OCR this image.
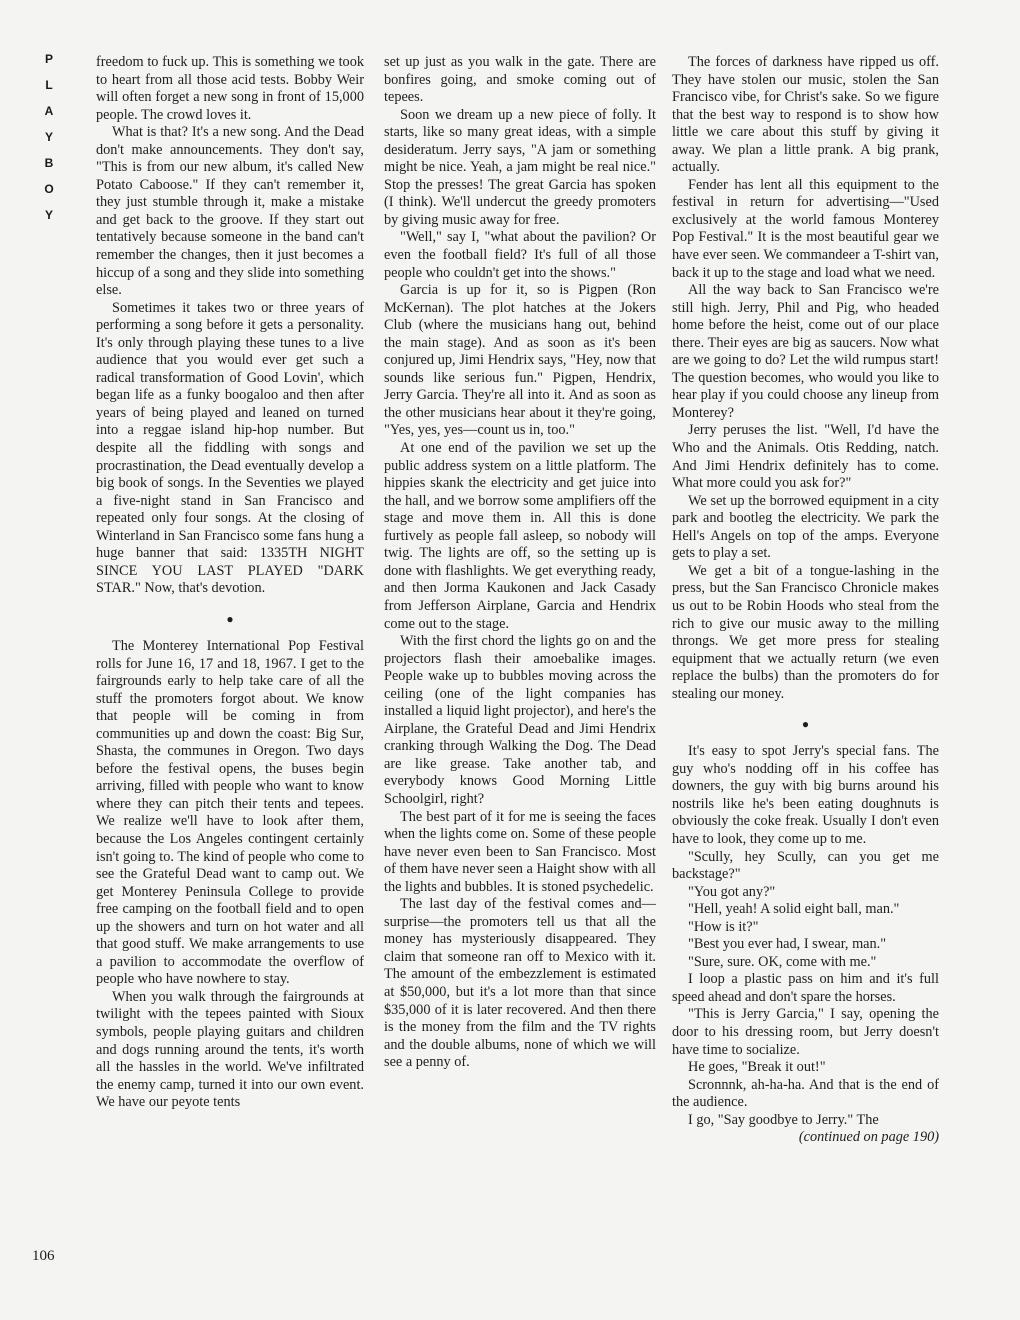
P
L
A
Y
B
O
Y
106

freedom to fuck up. This is something we took to heart from all those acid tests. Bobby Weir will often forget a new song in front of 15,000 people. The crowd loves it.

What is that? It's a new song. And the Dead don't make announcements. They don't say, "This is from our new album, it's called New Potato Caboose." If they can't remember it, they just stumble through it, make a mistake and get back to the groove. If they start out tentatively because someone in the band can't remember the changes, then it just becomes a hiccup of a song and they slide into something else.

Sometimes it takes two or three years of performing a song before it gets a personality. It's only through playing these tunes to a live audience that you would ever get such a radical transformation of Good Lovin', which began life as a funky boogaloo and then after years of being played and leaned on turned into a reggae island hip-hop number. But despite all the fiddling with songs and procrastination, the Dead eventually develop a big book of songs. In the Seventies we played a five-night stand in San Francisco and repeated only four songs. At the closing of Winterland in San Francisco some fans hung a huge banner that said: 1335TH NIGHT SINCE YOU LAST PLAYED "DARK STAR." Now, that's devotion.

●

The Monterey International Pop Festival rolls for June 16, 17 and 18, 1967. I get to the fairgrounds early to help take care of all the stuff the promoters forgot about. We know that people will be coming in from communities up and down the coast: Big Sur, Shasta, the communes in Oregon. Two days before the festival opens, the buses begin arriving, filled with people who want to know where they can pitch their tents and tepees. We realize we'll have to look after them, because the Los Angeles contingent certainly isn't going to. The kind of people who come to see the Grateful Dead want to camp out. We get Monterey Peninsula College to provide free camping on the football field and to open up the showers and turn on hot water and all that good stuff. We make arrangements to use a pavilion to accommodate the overflow of people who have nowhere to stay.

When you walk through the fairgrounds at twilight with the tepees painted with Sioux symbols, people playing guitars and children and dogs running around the tents, it's worth all the hassles in the world. We've infiltrated the enemy camp, turned it into our own event. We have our peyote tents

set up just as you walk in the gate. There are bonfires going, and smoke coming out of tepees.

Soon we dream up a new piece of folly. It starts, like so many great ideas, with a simple desideratum. Jerry says, "A jam or something might be nice. Yeah, a jam might be real nice." Stop the presses! The great Garcia has spoken (I think). We'll undercut the greedy promoters by giving music away for free.

"Well," say I, "what about the pavilion? Or even the football field? It's full of all those people who couldn't get into the shows."

Garcia is up for it, so is Pigpen (Ron McKernan). The plot hatches at the Jokers Club (where the musicians hang out, behind the main stage). And as soon as it's been conjured up, Jimi Hendrix says, "Hey, now that sounds like serious fun." Pigpen, Hendrix, Jerry Garcia. They're all into it. And as soon as the other musicians hear about it they're going, "Yes, yes, yes—count us in, too."

At one end of the pavilion we set up the public address system on a little platform. The hippies skank the electricity and get juice into the hall, and we borrow some amplifiers off the stage and move them in. All this is done furtively as people fall asleep, so nobody will twig. The lights are off, so the setting up is done with flashlights. We get everything ready, and then Jorma Kaukonen and Jack Casady from Jefferson Airplane, Garcia and Hendrix come out to the stage.

With the first chord the lights go on and the projectors flash their amoebalike images. People wake up to bubbles moving across the ceiling (one of the light companies has installed a liquid light projector), and here's the Airplane, the Grateful Dead and Jimi Hendrix cranking through Walking the Dog. The Dead are like grease. Take another tab, and everybody knows Good Morning Little Schoolgirl, right?

The best part of it for me is seeing the faces when the lights come on. Some of these people have never even been to San Francisco. Most of them have never seen a Haight show with all the lights and bubbles. It is stoned psychedelic.

The last day of the festival comes and—surprise—the promoters tell us that all the money has mysteriously disappeared. They claim that someone ran off to Mexico with it. The amount of the embezzlement is estimated at $50,000, but it's a lot more than that since $35,000 of it is later recovered. And then there is the money from the film and the TV rights and the double albums, none of which we will see a penny of.

The forces of darkness have ripped us off. They have stolen our music, stolen the San Francisco vibe, for Christ's sake. So we figure that the best way to respond is to show how little we care about this stuff by giving it away. We plan a little prank. A big prank, actually.

Fender has lent all this equipment to the festival in return for advertising—"Used exclusively at the world famous Monterey Pop Festival." It is the most beautiful gear we have ever seen. We commandeer a T-shirt van, back it up to the stage and load what we need.

All the way back to San Francisco we're still high. Jerry, Phil and Pig, who headed home before the heist, come out of our place there. Their eyes are big as saucers. Now what are we going to do? Let the wild rumpus start! The question becomes, who would you like to hear play if you could choose any lineup from Monterey?

Jerry peruses the list. "Well, I'd have the Who and the Animals. Otis Redding, natch. And Jimi Hendrix definitely has to come. What more could you ask for?"

We set up the borrowed equipment in a city park and bootleg the electricity. We park the Hell's Angels on top of the amps. Everyone gets to play a set.

We get a bit of a tongue-lashing in the press, but the San Francisco Chronicle makes us out to be Robin Hoods who steal from the rich to give our music away to the milling throngs. We get more press for stealing equipment that we actually return (we even replace the bulbs) than the promoters do for stealing our money.

●

It's easy to spot Jerry's special fans. The guy who's nodding off in his coffee has downers, the guy with big burns around his nostrils like he's been eating doughnuts is obviously the coke freak. Usually I don't even have to look, they come up to me.

"Scully, hey Scully, can you get me backstage?"

"You got any?"

"Hell, yeah! A solid eight ball, man."

"How is it?"

"Best you ever had, I swear, man."

"Sure, sure. OK, come with me."

I loop a plastic pass on him and it's full speed ahead and don't spare the horses.

"This is Jerry Garcia," I say, opening the door to his dressing room, but Jerry doesn't have time to socialize.

He goes, "Break it out!"

Scronnnk, ah-ha-ha. And that is the end of the audience.

I go, "Say goodbye to Jerry." The

(continued on page 190)
